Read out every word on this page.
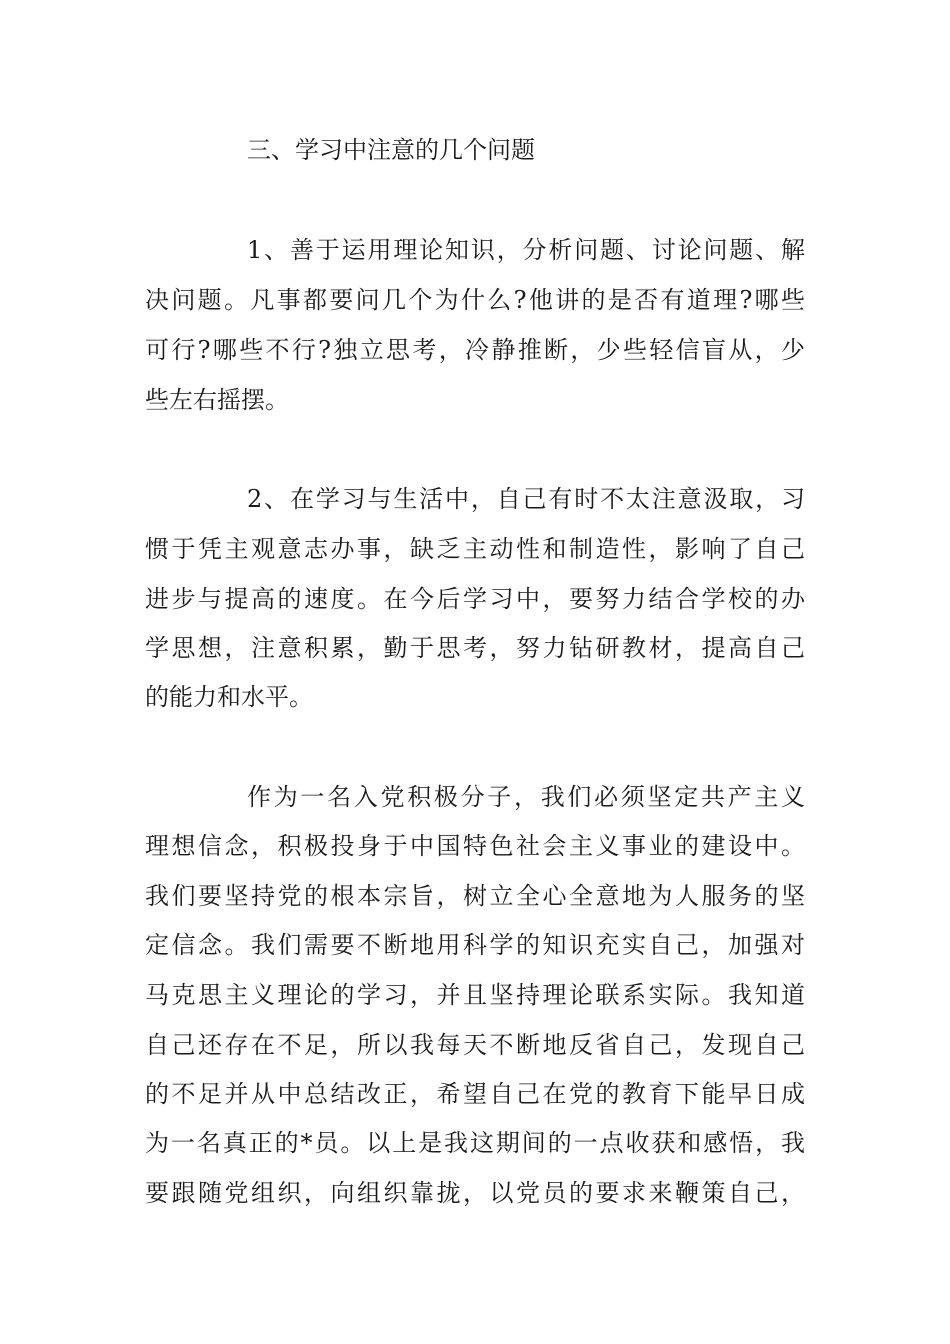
三、学习中注意的几个问题
1、善于运用理论知识，分析问题、讨论问题、解
决问题。凡事都要问几个为什么?他讲的是否有道理?哪些
可行?哪些不行?独立思考，冷静推断，少些轻信盲从，少
些左右摇摆。
2、在学习与生活中，自己有时不太注意汲取，习
惯于凭主观意志办事，缺乏主动性和制造性，影响了自己
进步与提高的速度。在今后学习中，要努力结合学校的办
学思想，注意积累，勤于思考，努力钻研教材，提高自己
的能力和水平。
作为一名入党积极分子，我们必须坚定共产主义
理想信念，积极投身于中国特色社会主义事业的建设中。
我们要坚持党的根本宗旨，树立全心全意地为人服务的坚
定信念。我们需要不断地用科学的知识充实自己，加强对
马克思主义理论的学习，并且坚持理论联系实际。我知道
自己还存在不足，所以我每天不断地反省自己，发现自己
的不足并从中总结改正，希望自己在党的教育下能早日成
为一名真正的*员。以上是我这期间的一点收获和感悟，我
要跟随党组织，向组织靠拢，以党员的要求来鞭策自己，
